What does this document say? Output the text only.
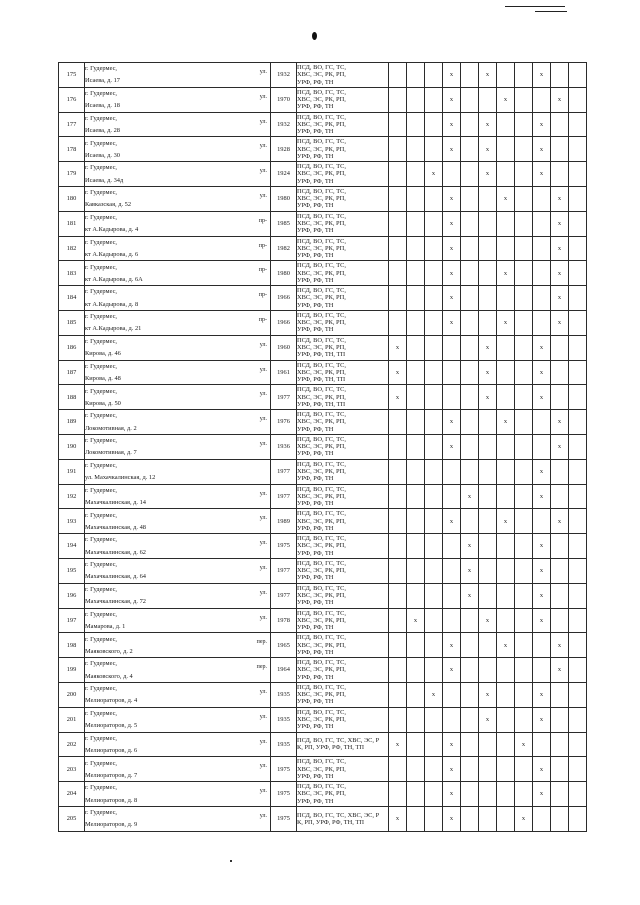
175	г. Гудермес, ул.
Исаева, д. 17	1932	ПСД, ВО, ГС, ТС,
ХВС, ЭС, РК, РП,
УРФ, РФ, ТН				x		x			x		
176	г. Гудермес, ул.
Исаева, д. 18	1970	ПСД, ВО, ГС, ТС,
ХВС, ЭС, РК, РП,
УРФ, РФ, ТН				x			x			x	
177	г. Гудермес, ул.
Исаева, д. 28	1932	ПСД, ВО, ГС, ТС,
ХВС, ЭС, РК, РП,
УРФ, РФ, ТН				x		x			x		
178	г. Гудермес, ул.
Исаева, д. 30	1928	ПСД, ВО, ГС, ТС,
ХВС, ЭС, РК, РП,
УРФ, РФ, ТН				x		x			x		
179	г. Гудермес, ул.
Исаева, д. 34д	1924	ПСД, ВО, ГС, ТС,
ХВС, ЭС, РК, РП,
УРФ, РФ, ТН			x			x			x		
180	г. Гудермес, ул.
Кавказская, д. 52	1980	ПСД, ВО, ГС, ТС,
ХВС, ЭС, РК, РП,
УРФ, РФ, ТН				x			x			x	
181	г. Гудермес, пр-
кт А.Кадырова, д. 4	1985	ПСД, ВО, ГС, ТС,
ХВС, ЭС, РК, РП,
УРФ, РФ, ТН				x						x	
182	г. Гудермес, пр-
кт А.Кадырова, д. 6	1982	ПСД, ВО, ГС, ТС,
ХВС, ЭС, РК, РП,
УРФ, РФ, ТН				x						x	
183	г. Гудермес, пр-
кт А.Кадырова, д. 6А	1980	ПСД, ВО, ГС, ТС,
ХВС, ЭС, РК, РП,
УРФ, РФ, ТН				x			x			x	
184	г. Гудермес, пр-
кт А.Кадырова, д. 8	1966	ПСД, ВО, ГС, ТС,
ХВС, ЭС, РК, РП,
УРФ, РФ, ТН				x						x	
185	г. Гудермес, пр-
кт А.Кадырова, д. 21	1966	ПСД, ВО, ГС, ТС,
ХВС, ЭС, РК, РП,
УРФ, РФ, ТН				x			x			x	
186	г. Гудермес, ул.
Кирова, д. 46	1960	ПСД, ВО, ГС, ТС,
ХВС, ЭС, РК, РП,
УРФ, РФ, ТН, ТП	x					x			x		
187	г. Гудермес, ул.
Кирова, д. 48	1961	ПСД, ВО, ГС, ТС,
ХВС, ЭС, РК, РП,
УРФ, РФ, ТН, ТП	x					x			x		
188	г. Гудермес, ул.
Кирова, д. 50	1977	ПСД, ВО, ГС, ТС,
ХВС, ЭС, РК, РП,
УРФ, РФ, ТН, ТП	x					x			x		
189	г. Гудермес, ул.
Локомотивная, д. 2	1976	ПСД, ВО, ГС, ТС,
ХВС, ЭС, РК, РП,
УРФ, РФ, ТН				x			x			x	
190	г. Гудермес, ул.
Локомотивная, д. 7	1936	ПСД, ВО, ГС, ТС,
ХВС, ЭС, РК, РП,
УРФ, РФ, ТН				x						x	
191	г. Гудермес,
ул. Махачкалинская, д. 12	1977	ПСД, ВО, ГС, ТС,
ХВС, ЭС, РК, РП,
УРФ, РФ, ТН									x		
192	г. Гудермес, ул.
Махачкалинская, д. 14	1977	ПСД, ВО, ГС, ТС,
ХВС, ЭС, РК, РП,
УРФ, РФ, ТН					x				x		
193	г. Гудермес, ул.
Махачкалинская, д. 48	1989	ПСД, ВО, ГС, ТС,
ХВС, ЭС, РК, РП,
УРФ, РФ, ТН				x			x			x	
194	г. Гудермес, ул.
Махачкалинская, д. 62	1975	ПСД, ВО, ГС, ТС,
ХВС, ЭС, РК, РП,
УРФ, РФ, ТН					x				x		
195	г. Гудермес, ул.
Махачкалинская, д. 64	1977	ПСД, ВО, ГС, ТС,
ХВС, ЭС, РК, РП,
УРФ, РФ, ТН					x				x		
196	г. Гудермес, ул.
Махачкалинская, д. 72	1977	ПСД, ВО, ГС, ТС,
ХВС, ЭС, РК, РП,
УРФ, РФ, ТН					x				x		
197	г. Гудермес, ул.
Мамарова, д. 1	1978	ПСД, ВО, ГС, ТС,
ХВС, ЭС, РК, РП,
УРФ, РФ, ТН		x				x			x		
198	г. Гудермес, пер.
Маяковского, д. 2	1965	ПСД, ВО, ГС, ТС,
ХВС, ЭС, РК, РП,
УРФ, РФ, ТН				x			x			x	
199	г. Гудермес, пер.
Маяковского, д. 4	1964	ПСД, ВО, ГС, ТС,
ХВС, ЭС, РК, РП,
УРФ, РФ, ТН				x						x	
200	г. Гудермес, ул.
Мелиораторов, д. 4	1935	ПСД, ВО, ГС, ТС,
ХВС, ЭС, РК, РП,
УРФ, РФ, ТН			x			x			x		
201	г. Гудермес, ул.
Мелиораторов, д. 5	1935	ПСД, ВО, ГС, ТС,
ХВС, ЭС, РК, РП,
УРФ, РФ, ТН						x			x		
202	г. Гудермес, ул.
Мелиораторов, д. 6	1935	ПСД, ВО, ГС, ТС, ХВС, ЭС, Р
К, РП, УРФ, РФ, ТН, ТП	x			x				x			
203	г. Гудермес, ул.
Мелиораторов, д. 7	1975	ПСД, ВО, ГС, ТС,
ХВС, ЭС, РК, РП,
УРФ, РФ, ТН				x					x		
204	г. Гудермес, ул.
Мелиораторов, д. 8	1975	ПСД, ВО, ГС, ТС,
ХВС, ЭС, РК, РП,
УРФ, РФ, ТН				x					x		
205	г. Гудермес, ул.
Мелиораторов, д. 9	1975	ПСД, ВО, ГС, ТС, ХВС, ЭС, Р
К, РП, УРФ, РФ, ТН, ТП	x			x				x			
